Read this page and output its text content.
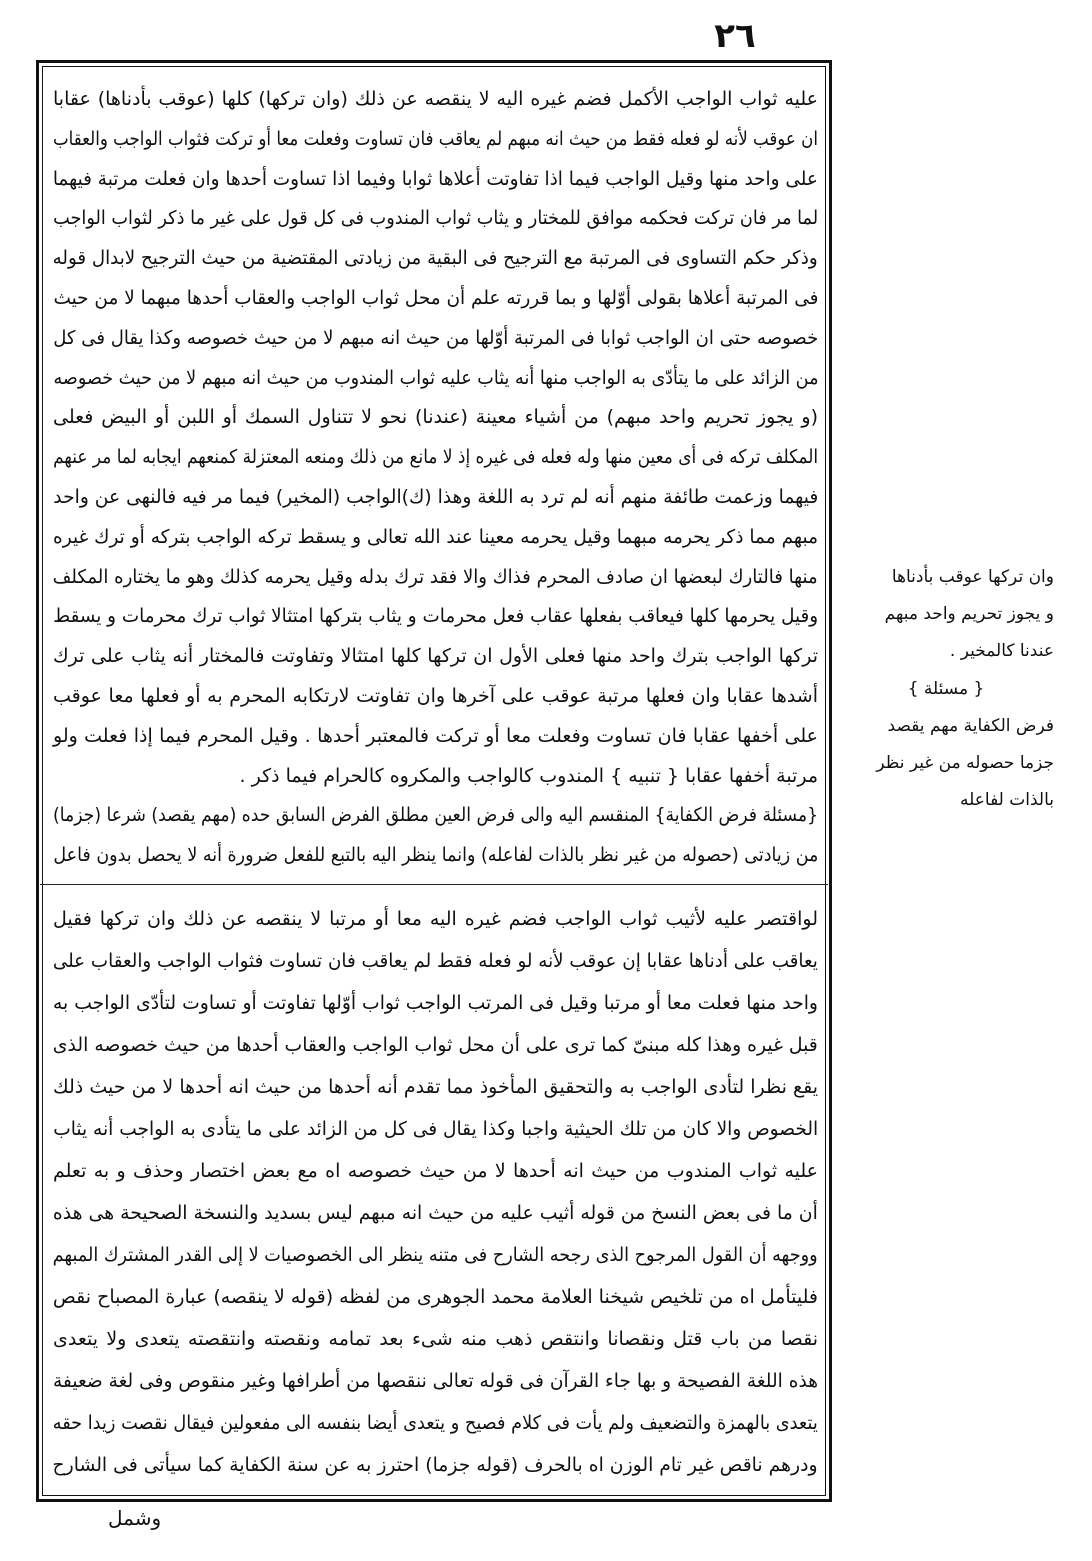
٢٦
عليه ثواب الواجب الأكمل فضم غيره اليه لا ينقصه عن ذلك (وان تركها) كلها (عوقب بأدناها) عقابا
ان عوقب لأنه لو فعله فقط من حيث انه مبهم لم يعاقب فان تساوت وفعلت معا أو تركت فثواب الواجب والعقاب
على واحد منها وقيل الواجب فيما اذا تفاوتت أعلاها ثوابا وفيما اذا تساوت أحدها وان فعلت مرتبة فيهما
لما مر فان تركت فحكمه موافق للمختار و يثاب ثواب المندوب فى كل قول على غير ما ذكر لثواب الواجب
وذكر حكم التساوى فى المرتبة مع الترجيح فى البقية من زيادتى المقتضية من حيث الترجيح لابدال قوله
فى المرتبة أعلاها بقولى أوّلها و بما قررته علم أن محل ثواب الواجب والعقاب أحدها مبهما لا من حيث
خصوصه حتى ان الواجب ثوابا فى المرتبة أوّلها من حيث انه مبهم لا من حيث خصوصه وكذا يقال فى كل
من الزائد على ما يتأدّى به الواجب منها أنه يثاب عليه ثواب المندوب من حيث انه مبهم لا من حيث خصوصه
(و يجوز تحريم واحد مبهم) من أشياء معينة (عندنا) نحو لا تتناول السمك أو اللبن أو البيض فعلى
المكلف تركه فى أى معين منها وله فعله فى غيره إذ لا مانع من ذلك ومنعه المعتزلة كمنعهم ايجابه لما مر عنهم
فيهما وزعمت طائفة منهم أنه لم ترد به اللغة وهذا (ك)الواجب (المخير) فيما مر فيه فالنهى عن واحد
مبهم مما ذكر يحرمه مبهما وقيل يحرمه معينا عند الله تعالى و يسقط تركه الواجب بتركه أو ترك غيره
منها فالتارك لبعضها ان صادف المحرم فذاك والا فقد ترك بدله وقيل يحرمه كذلك وهو ما يختاره المكلف
وقيل يحرمها كلها فيعاقب بفعلها عقاب فعل محرمات و يثاب بتركها امتثالا ثواب ترك محرمات و يسقط
تركها الواجب بترك واحد منها فعلى الأول ان تركها كلها امتثالا وتفاوتت فالمختار أنه يثاب على ترك
أشدها عقابا وان فعلها مرتبة عوقب على آخرها وان تفاوتت لارتكابه المحرم به أو فعلها معا عوقب
على أخفها عقابا فان تساوت وفعلت معا أو تركت فالمعتبر أحدها . وقيل المحرم فيما إذا فعلت ولو
مرتبة أخفها عقابا { تنبيه } المندوب كالواجب والمكروه كالحرام فيما ذكر .
{مسئلة فرض الكفاية} المنقسم اليه والى فرض العين مطلق الفرض السابق حده (مهم يقصد) شرعا (جزما)
من زيادتى (حصوله من غير نظر بالذات لفاعله) وانما ينظر اليه بالتبع للفعل ضرورة أنه لا يحصل بدون فاعل
لواقتصر عليه لأثيب ثواب الواجب فضم غيره اليه معا أو مرتبا لا ينقصه عن ذلك وان تركها فقيل
يعاقب على أدناها عقابا إن عوقب لأنه لو فعله فقط لم يعاقب فان تساوت فثواب الواجب والعقاب على
واحد منها فعلت معا أو مرتبا وقيل فى المرتب الواجب ثواب أوّلها تفاوتت أو تساوت لتأدّى الواجب به
قبل غيره وهذا كله مبنىّ كما ترى على أن محل ثواب الواجب والعقاب أحدها من حيث خصوصه الذى
يقع نظرا لتأدى الواجب به والتحقيق المأخوذ مما تقدم أنه أحدها من حيث انه أحدها لا من حيث ذلك
الخصوص والا كان من تلك الحيثية واجبا وكذا يقال فى كل من الزائد على ما يتأدى به الواجب أنه يثاب
عليه ثواب المندوب من حيث انه أحدها لا من حيث خصوصه اه مع بعض اختصار وحذف و به تعلم
أن ما فى بعض النسخ من قوله أثيب عليه من حيث انه مبهم ليس بسديد والنسخة الصحيحة هى هذه
ووجهه أن القول المرجوح الذى رجحه الشارح فى متنه ينظر الى الخصوصيات لا إلى القدر المشترك المبهم
فليتأمل اه من تلخيص شيخنا العلامة محمد الجوهرى من لفظه (قوله لا ينقصه) عبارة المصباح نقص
نقصا من باب قتل ونقصانا وانتقص ذهب منه شىء بعد تمامه ونقصته وانتقصته يتعدى ولا يتعدى
هذه اللغة الفصيحة و بها جاء القرآن فى قوله تعالى ننقصها من أطرافها وغير منقوص وفى لغة ضعيفة
يتعدى بالهمزة والتضعيف ولم يأت فى كلام فصيح و يتعدى أيضا بنفسه الى مفعولين فيقال نقصت زيدا حقه
ودرهم ناقص غير تام الوزن اه بالحرف (قوله جزما) احترز به عن سنة الكفاية كما سيأتى فى الشارح
وان تركها عوقب بأدناها
و يجوز تحريم واحد مبهم
عندنا كالمخير .
{ مسئلة }
فرض الكفاية مهم يقصد
جزما حصوله من غير نظر
بالذات لفاعله
وشمل
